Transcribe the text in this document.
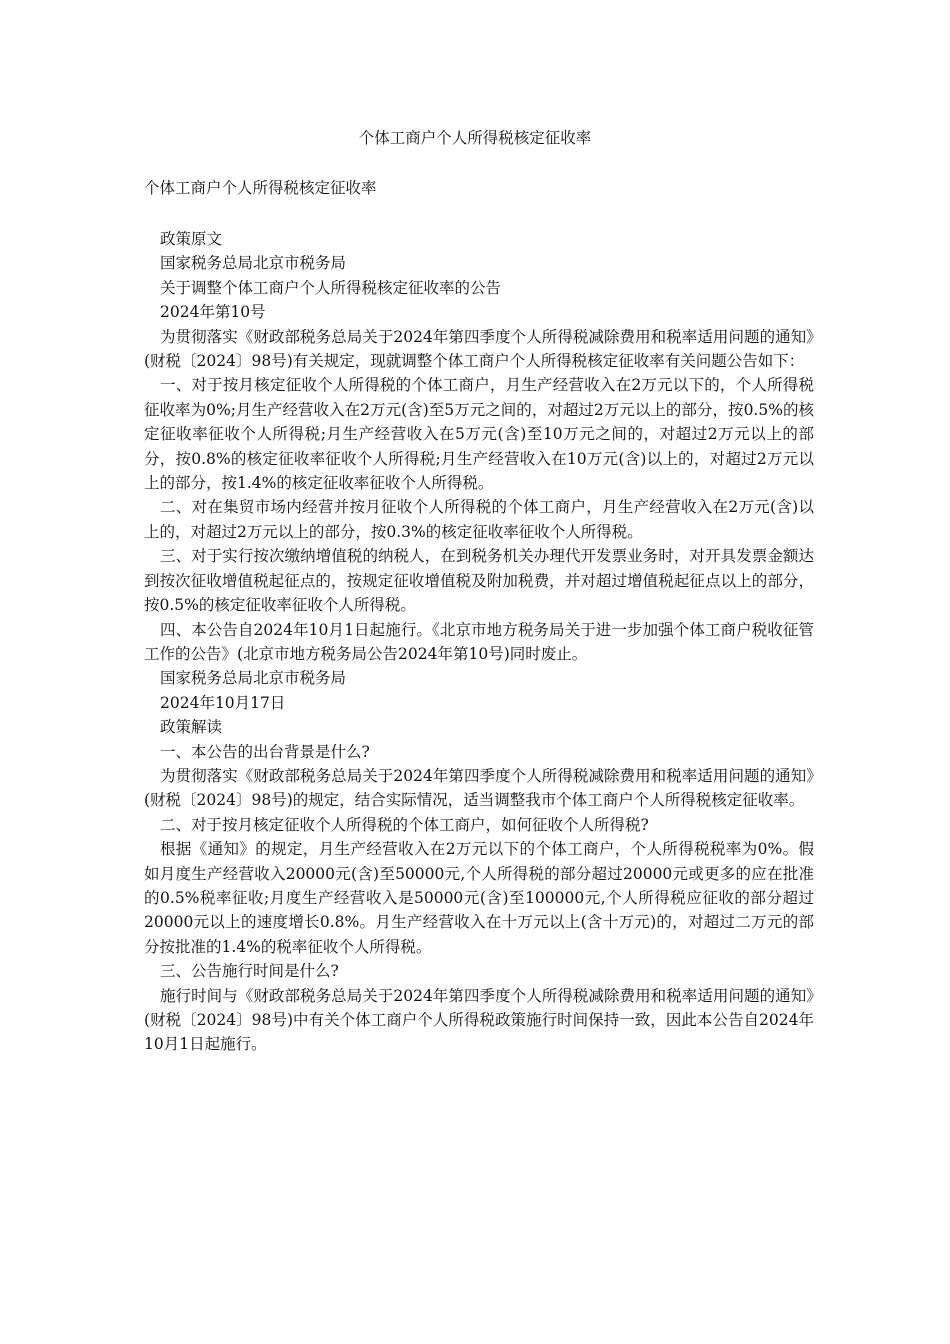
个体工商户个人所得税核定征收率
个体工商户个人所得税核定征收率

政策原文

国家税务总局北京市税务局

关于调整个体工商户个人所得税核定征收率的公告

2024年第10号

为贯彻落实《财政部税务总局关于2024年第四季度个人所得税减除费用和税率适用问题的通知》(财税〔2024〕98号)有关规定，现就调整个体工商户个人所得税核定征收率有关问题公告如下：

一、对于按月核定征收个人所得税的个体工商户，月生产经营收入在2万元以下的，个人所得税征收率为0%;月生产经营收入在2万元(含)至5万元之间的，对超过2万元以上的部分，按0.5%的核定征收率征收个人所得税;月生产经营收入在5万元(含)至10万元之间的，对超过2万元以上的部分，按0.8%的核定征收率征收个人所得税;月生产经营收入在10万元(含)以上的，对超过2万元以上的部分，按1.4%的核定征收率征收个人所得税。

二、对在集贸市场内经营并按月征收个人所得税的个体工商户，月生产经营收入在2万元(含)以上的，对超过2万元以上的部分，按0.3%的核定征收率征收个人所得税。

三、对于实行按次缴纳增值税的纳税人，在到税务机关办理代开发票业务时，对开具发票金额达到按次征收增值税起征点的，按规定征收增值税及附加税费，并对超过增值税起征点以上的部分，按0.5%的核定征收率征收个人所得税。

四、本公告自2024年10月1日起施行。《北京市地方税务局关于进一步加强个体工商户税收征管工作的公告》(北京市地方税务局公告2024年第10号)同时废止。

国家税务总局北京市税务局

2024年10月17日

政策解读

一、本公告的出台背景是什么?

为贯彻落实《财政部税务总局关于2024年第四季度个人所得税减除费用和税率适用问题的通知》(财税〔2024〕98号)的规定，结合实际情况，适当调整我市个体工商户个人所得税核定征收率。

二、对于按月核定征收个人所得税的个体工商户，如何征收个人所得税?

根据《通知》的规定，月生产经营收入在2万元以下的个体工商户，个人所得税税率为0%。假如月度生产经营收入20000元(含)至50000元,个人所得税的部分超过20000元或更多的应在批准的0.5%税率征收;月度生产经营收入是50000元(含)至100000元,个人所得税应征收的部分超过20000元以上的速度增长0.8%。月生产经营收入在十万元以上(含十万元)的，对超过二万元的部分按批准的1.4%的税率征收个人所得税。

三、公告施行时间是什么?

施行时间与《财政部税务总局关于2024年第四季度个人所得税减除费用和税率适用问题的通知》(财税〔2024〕98号)中有关个体工商户个人所得税政策施行时间保持一致，因此本公告自2024年10月1日起施行。
